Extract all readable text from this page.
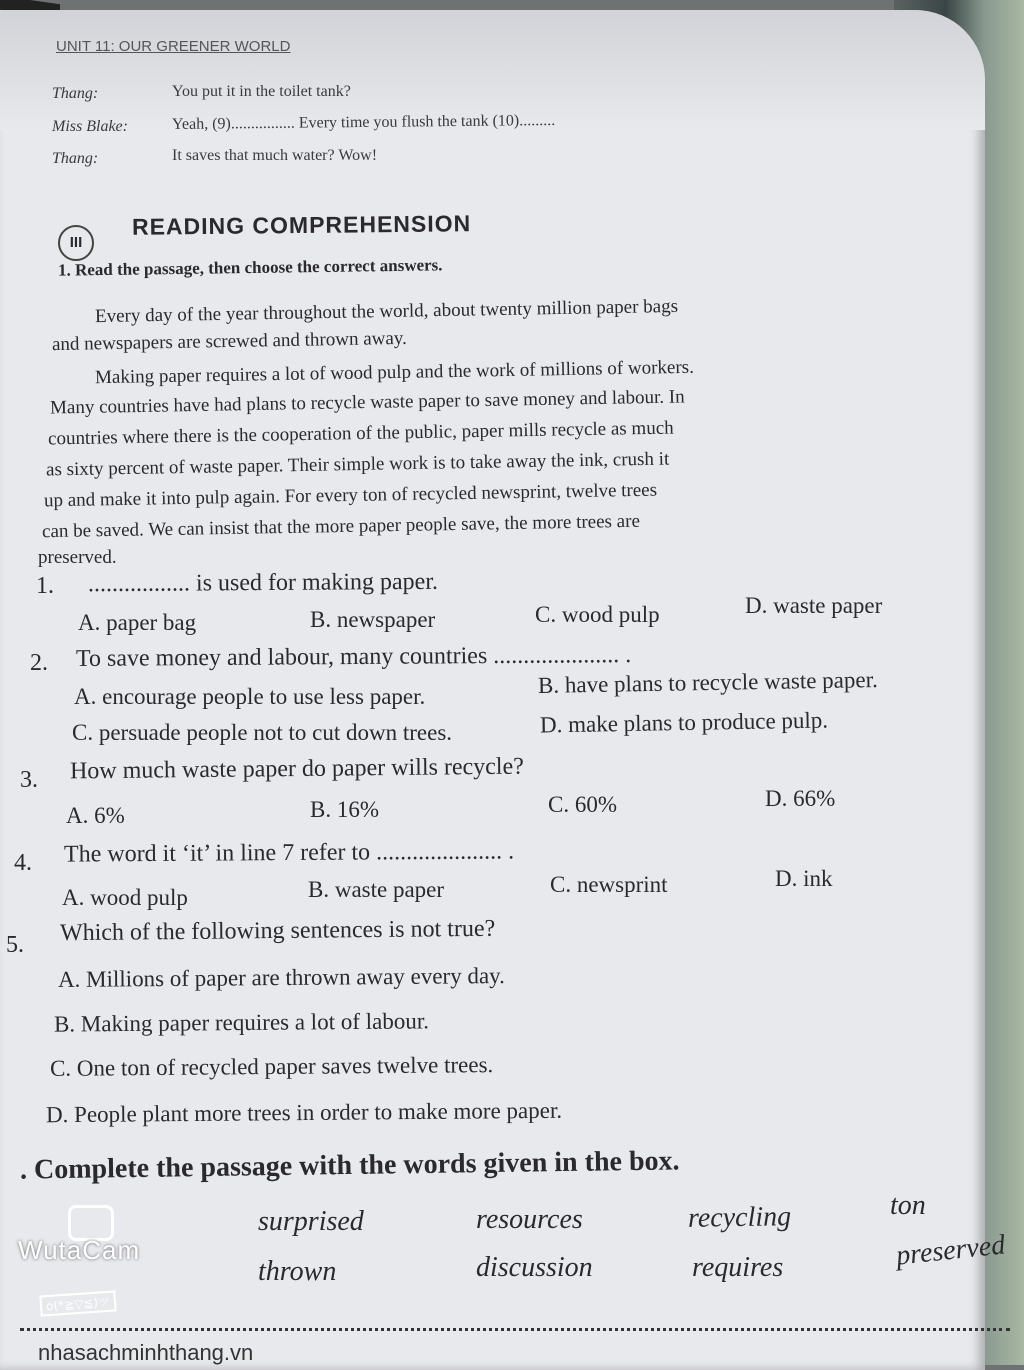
UNIT 11: OUR GREENER WORLD
Thang:	You put it in the toilet tank?
Miss Blake:	Yeah, (9)................ Every time you flush the tank (10).........
Thang:	It saves that much water? Wow!
III
READING COMPREHENSION
1. Read the passage, then choose the correct answers.
Every day of the year throughout the world, about twenty million paper bags
and newspapers are screwed and thrown away.
Making paper requires a lot of wood pulp and the work of millions of workers.
Many countries have had plans to recycle waste paper to save money and labour. In
countries where there is the cooperation of the public, paper mills recycle as much
as sixty percent of waste paper. Their simple work is to take away the ink, crush it
up and make it into pulp again. For every ton of recycled newsprint, twelve trees
can be saved. We can insist that the more paper people save, the more trees are
preserved.
1. ................. is used for making paper.
A. paper bag	B. newspaper	C. wood pulp	D. waste paper
2. To save money and labour, many countries ..................... .
A. encourage people to use less paper.	B. have plans to recycle waste paper.
C. persuade people not to cut down trees.	D. make plans to produce pulp.
3. How much waste paper do paper wills recycle?
A. 6%	B. 16%	C. 60%	D. 66%
4. The word it ‘it’ in line 7 refer to ..................... .
A. wood pulp	B. waste paper	C. newsprint	D. ink
5. Which of the following sentences is not true?
A. Millions of paper are thrown away every day.
B. Making paper requires a lot of labour.
C. One ton of recycled paper saves twelve trees.
D. People plant more trees in order to make more paper.
. Complete the passage with the words given in the box.
surprised	resources	recycling	ton
thrown	discussion	requires	preserved
nhasachminhthang.vn
WutaCam
o(*≧▽≦)ツ
